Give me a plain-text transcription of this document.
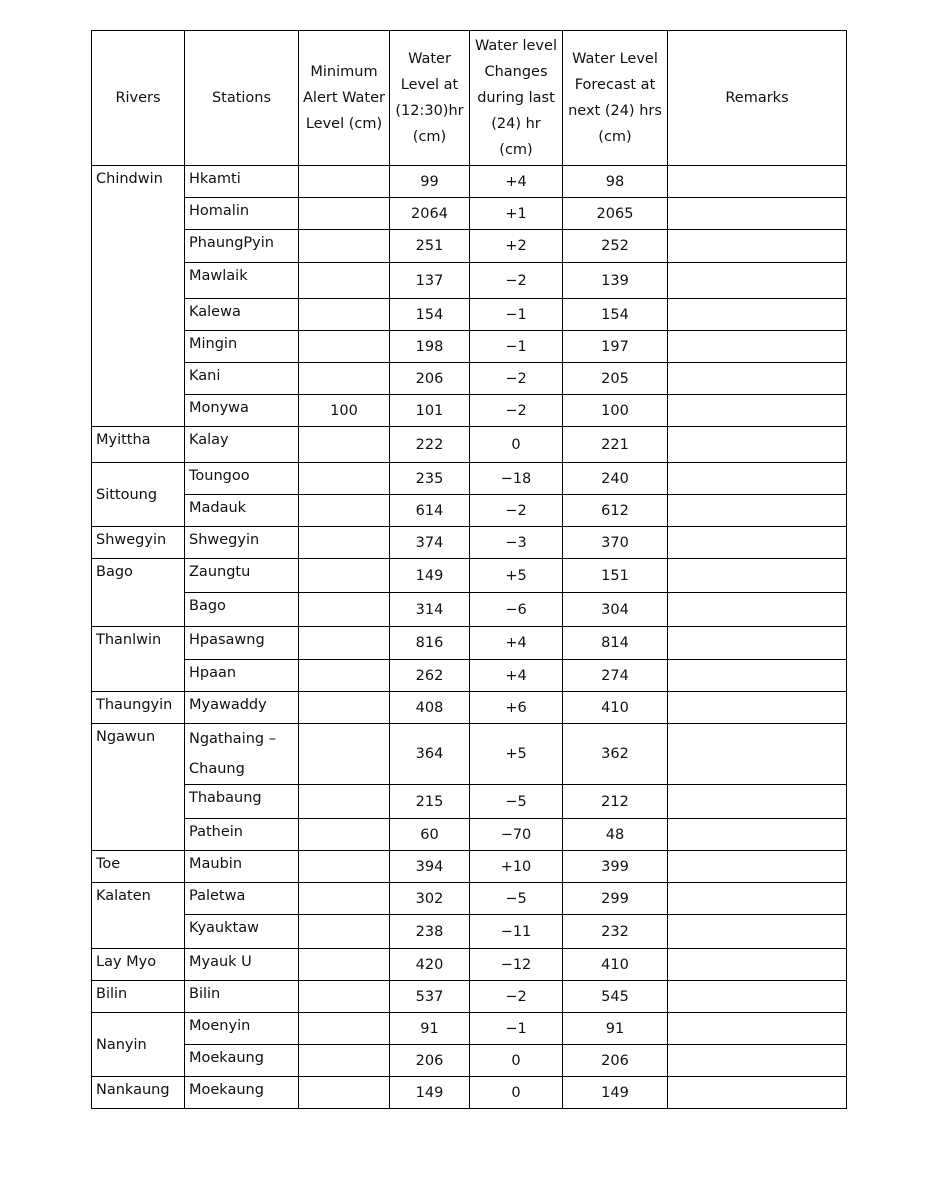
Rivers	Stations	Minimum Alert Water Level (cm)	Water Level at (12:30)hr (cm)	Water level Changes during last (24) hr (cm)	Water Level Forecast at next (24) hrs (cm)	Remarks
Chindwin	Hkamti		99	+4	98	
	Homalin		2064	+1	2065	
	PhaungPyin		251	+2	252	
	Mawlaik		137	−2	139	
	Kalewa		154	−1	154	
	Mingin		198	−1	197	
	Kani		206	−2	205	
	Monywa	100	101	−2	100	
Myittha	Kalay		222	0	221	
Sittoung	Toungoo		235	−18	240	
	Madauk		614	−2	612	
Shwegyin	Shwegyin		374	−3	370	
Bago	Zaungtu		149	+5	151	
	Bago		314	−6	304	
Thanlwin	Hpasawng		816	+4	814	
	Hpaan		262	+4	274	
Thaungyin	Myawaddy		408	+6	410	
Ngawun	Ngathaing – Chaung		364	+5	362	
	Thabaung		215	−5	212	
	Pathein		60	−70	48	
Toe	Maubin		394	+10	399	
Kalaten	Paletwa		302	−5	299	
	Kyauktaw		238	−11	232	
Lay Myo	Myauk U		420	−12	410	
Bilin	Bilin		537	−2	545	
Nanyin	Moenyin		91	−1	91	
	Moekaung		206	0	206	
Nankaung	Moekaung		149	0	149	
